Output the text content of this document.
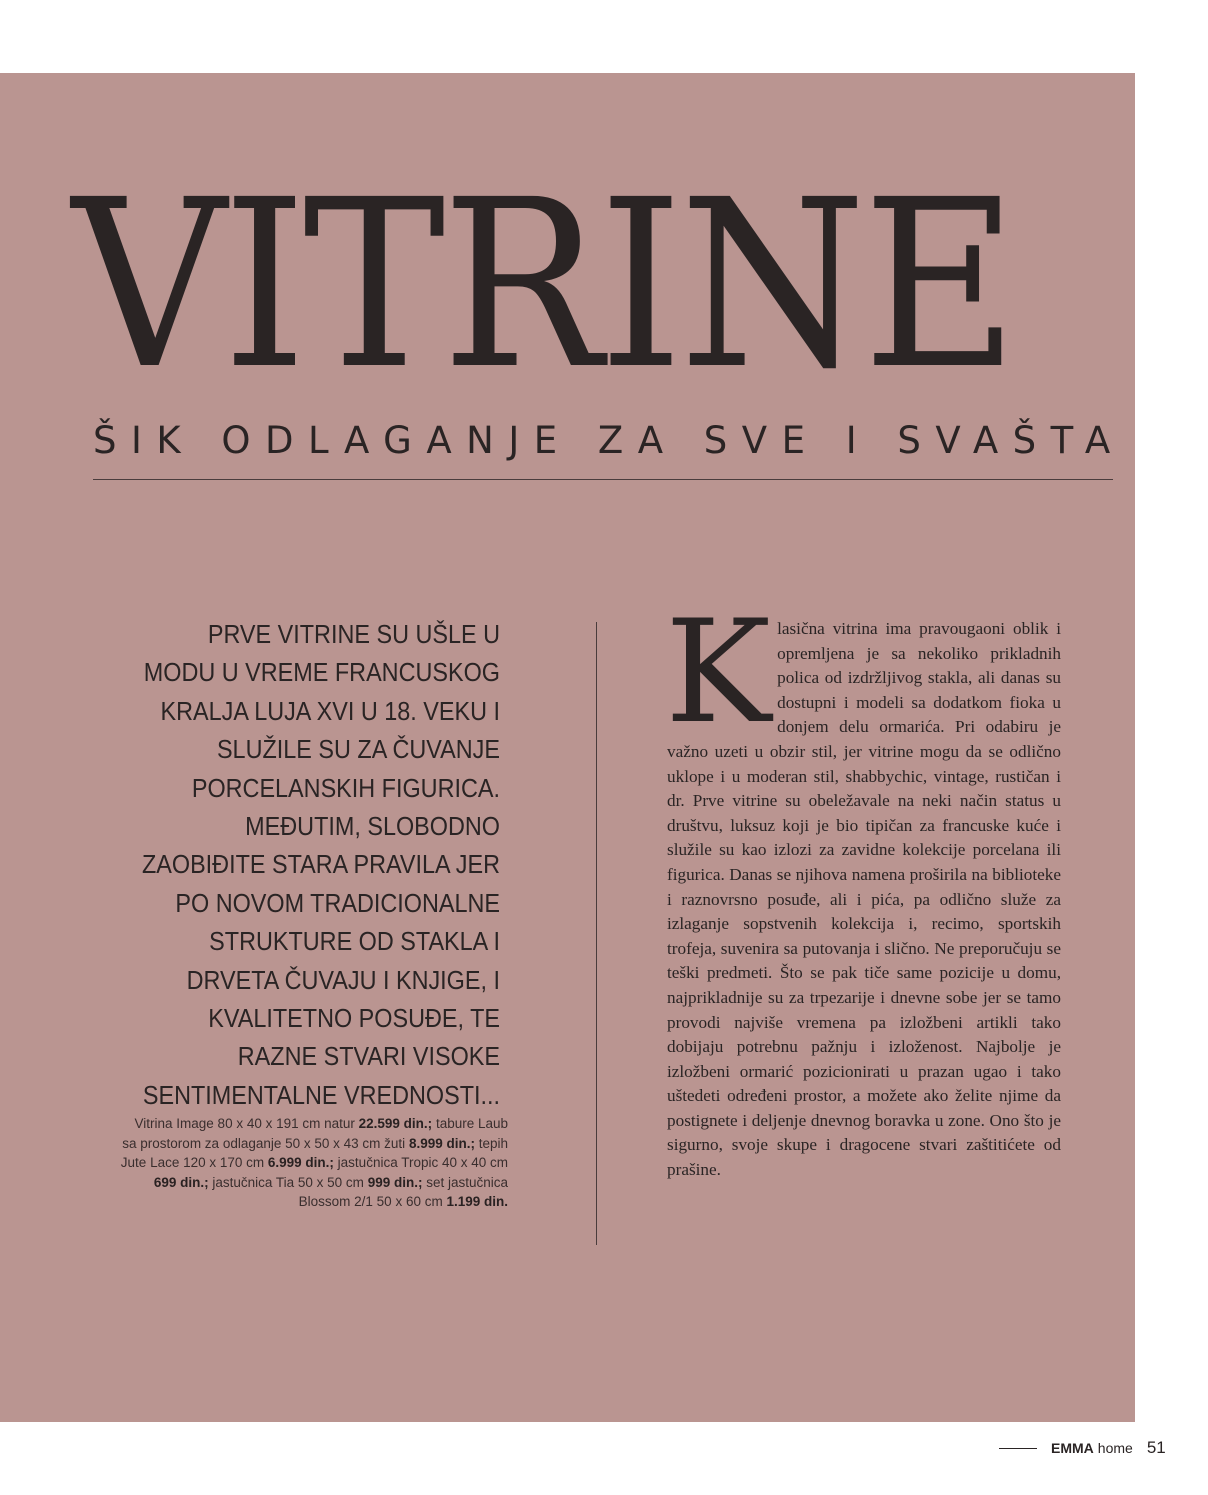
VITRINE
ŠIK ODLAGANJE ZA SVE I SVAŠTA

PRVE VITRINE SU UŠLE U MODU U VREME FRANCUSKOG KRALJA LUJA XVI U 18. VEKU I SLUŽILE SU ZA ČUVANJE PORCELANSKIH FIGURICA. MEĐUTIM, SLOBODNO ZAOBIĐITE STARA PRAVILA JER PO NOVOM TRADICIONALNE STRUKTURE OD STAKLA I DRVETA ČUVAJU I KNJIGE, I KVALITETNO POSUĐE, TE RAZNE STVARI VISOKE SENTIMENTALNE VREDNOSTI...

Vitrina Image 80 x 40 x 191 cm natur 22.599 din.; tabure Laub sa prostorom za odlaganje 50 x 50 x 43 cm žuti 8.999 din.; tepih Jute Lace 120 x 170 cm 6.999 din.; jastučnica Tropic 40 x 40 cm 699 din.; jastučnica Tia 50 x 50 cm 999 din.; set jastučnica Blossom 2/1 50 x 60 cm 1.199 din.

Klasična vitrina ima pravougaoni oblik i opremljena je sa nekoliko prikladnih polica od izdržljivog stakla, ali danas su dostupni i modeli sa dodatkom fioka u donjem delu ormarića. Pri odabiru je važno uzeti u obzir stil, jer vitrine mogu da se odlično uklope i u moderan stil, shabbychic, vintage, rustičan i dr. Prve vitrine su obeležavale na neki način status u društvu, luksuz koji je bio tipičan za francuske kuće i služile su kao izlozi za zavidne kolekcije porcelana ili figurica. Danas se njihova namena proširila na biblioteke i raznovrsno posuđe, ali i pića, pa odlično služe za izlaganje sopstvenih kolekcija i, recimo, sportskih trofeja, suvenira sa putovanja i slično. Ne preporučuju se teški predmeti. Što se pak tiče same pozicije u domu, najprikladnije su za trpezarije i dnevne sobe jer se tamo provodi najviše vremena pa izložbeni artikli tako dobijaju potrebnu pažnju i izloženost. Najbolje je izložbeni ormarić pozicionirati u prazan ugao i tako uštedeti određeni prostor, a možete ako želite njime da postignete i deljenje dnevnog boravka u zone. Ono što je sigurno, svoje skupe i dragocene stvari zaštitićete od prašine.

EMMA home 51
